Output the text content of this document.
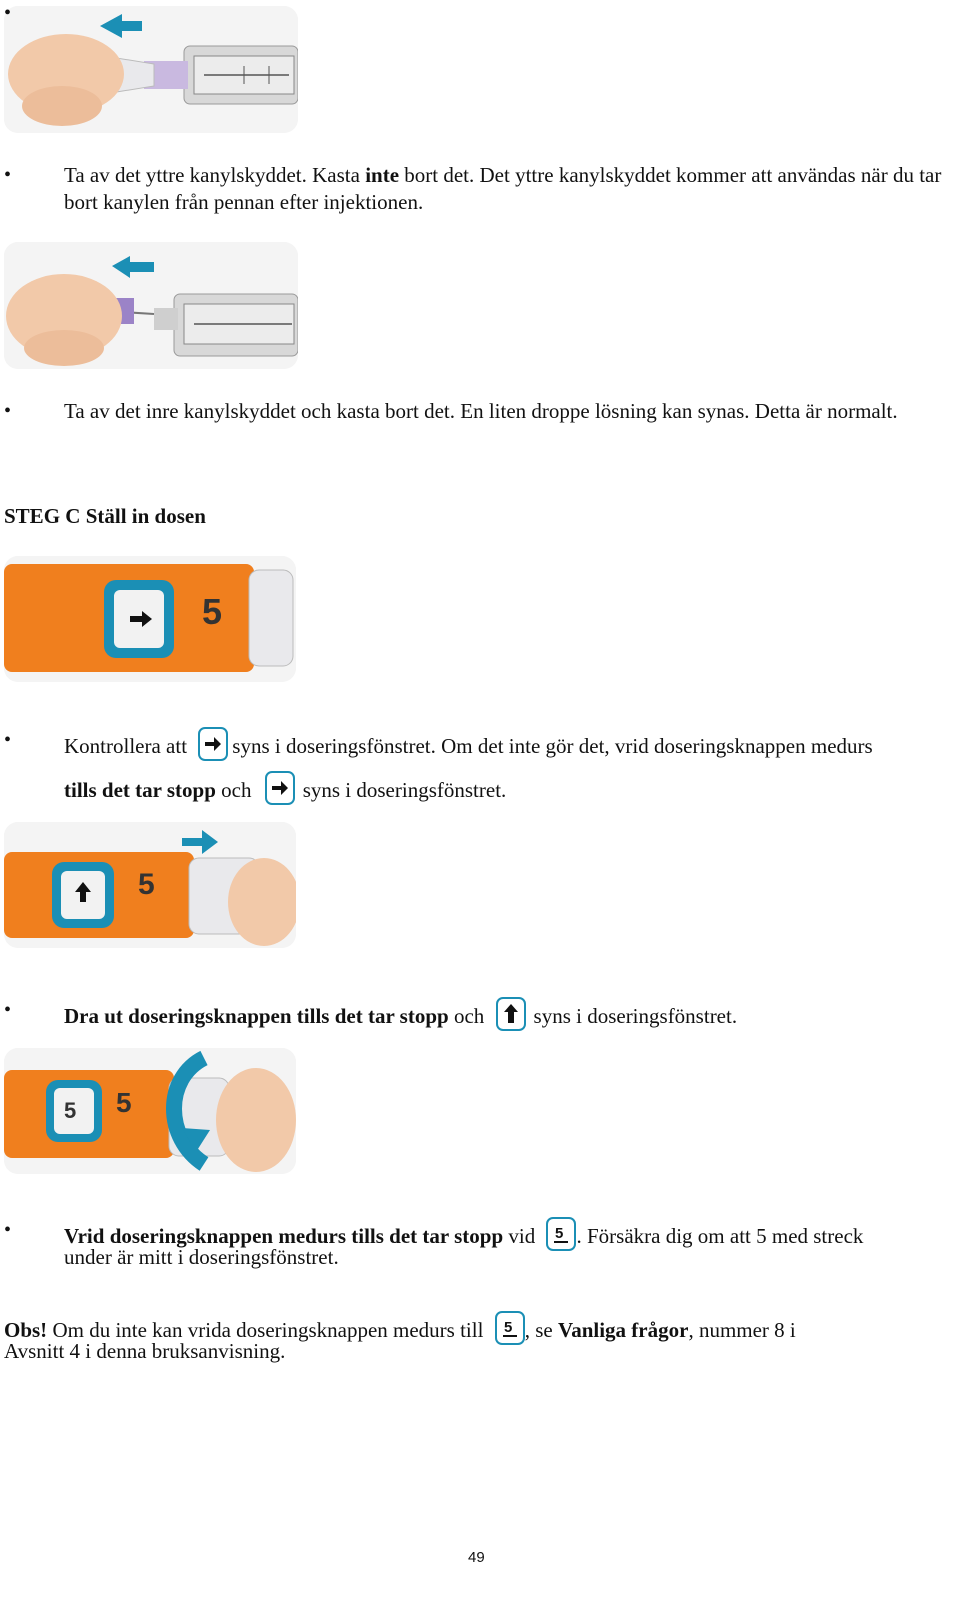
•
Ta av det yttre kanylskyddet. Kasta inte bort det. Det yttre kanylskyddet kommer att användas när du tar bort kanylen från pennan efter injektionen.
•
•	Ta av det inre kanylskyddet och kasta bort det. En liten droppe lösning kan synas. Detta är normalt.
STEG C Ställ in dosen
5
•	Kontrollera att syns i doseringsfönstret. Om det inte gör det, vrid doseringsknappen medurs
tills det tar stopp och syns i doseringsfönstret.
5
•	Dra ut doseringsknappen tills det tar stopp och syns i doseringsfönstret.
5 5
•	Vrid doseringsknappen medurs tills det tar stopp vid 5 . Försäkra dig om att 5 med streck
under är mitt i doseringsfönstret.
Obs! Om du inte kan vrida doseringsknappen medurs till 5 , se Vanliga frågor, nummer 8 i
Avsnitt 4 i denna bruksanvisning.
49
